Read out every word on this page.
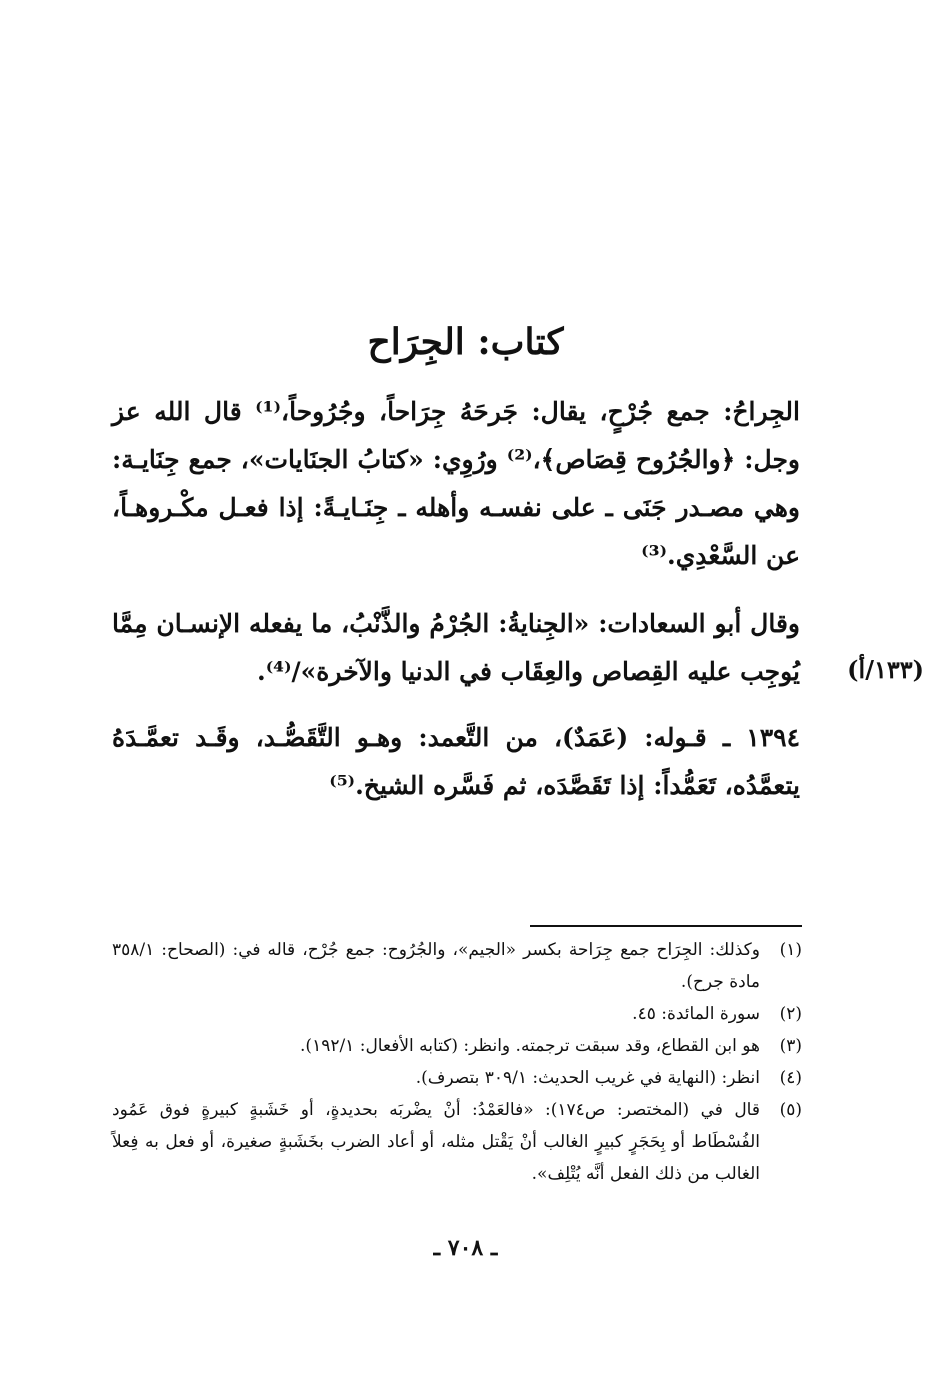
كتاب: الجِرَاح
الجِراحُ: جمع جُرْحٍ، يقال: جَرحَهُ جِرَاحاً، وجُرُوحاً،⁽¹⁾ قال الله عز وجل: ﴿والجُرُوح قِصَاص﴾،⁽²⁾ ورُوِي: «كتابُ الجنَايات»، جمع جِنَايـة: وهي مصـدر جَنَى ـ على نفسـه وأهله ـ جِنَـايـةً: إذا فعـل مكْـروهـاً، عن السَّعْدِي.⁽³⁾
وقال أبو السعادات: «الجِنايةُ: الجُرْمُ والذَّنْبُ، ما يفعله الإنسـان مِمَّا يُوجِب عليه القِصاص والعِقَاب في الدنيا والآخرة»/⁽⁴⁾.	(١٣٣/أ)
١٣٩٤ ـ قـوله: (عَمَدٌ)، من التَّعمد: وهـو التَّقَصُّـد، وقَـد تعمَّـدَهُ يتعمَّدُه، تَعَمُّداً: إذا تَقَصَّدَه، ثم فَسَّره الشيخ.⁽⁵⁾
(١)
وكذلك: الجِرَاح جمع جِرَاحة بكسر «الجيم»، والجُرُوح: جمع جُرْح، قاله في: (الصحاح: ٣٥٨/١ مادة جرح).
(٢)
سورة المائدة: ٤٥.
(٣)
هو ابن القطاع، وقد سبقت ترجمته. وانظر: (كتابه الأفعال: ١٩٢/١).
(٤)
انظر: (النهاية في غريب الحديث: ٣٠٩/١ بتصرف).
(٥)
قال في (المختصر: ص١٧٤): «فالعَمْدُ: أنْ يضْربَه بحديدةٍ، أو خَشَبةٍ كبيرةٍ فوق عَمُود الفُسْطَاط أو بِحَجَرٍ كبيرٍ الغالب أنْ يَقْتل مثله، أو أعاد الضرب بخَشَبةٍ صغيرة، أو فعل به فِعلاً الغالب من ذلك الفعل أنَّه يُتْلِف».
ـ ٧٠٨ ـ
